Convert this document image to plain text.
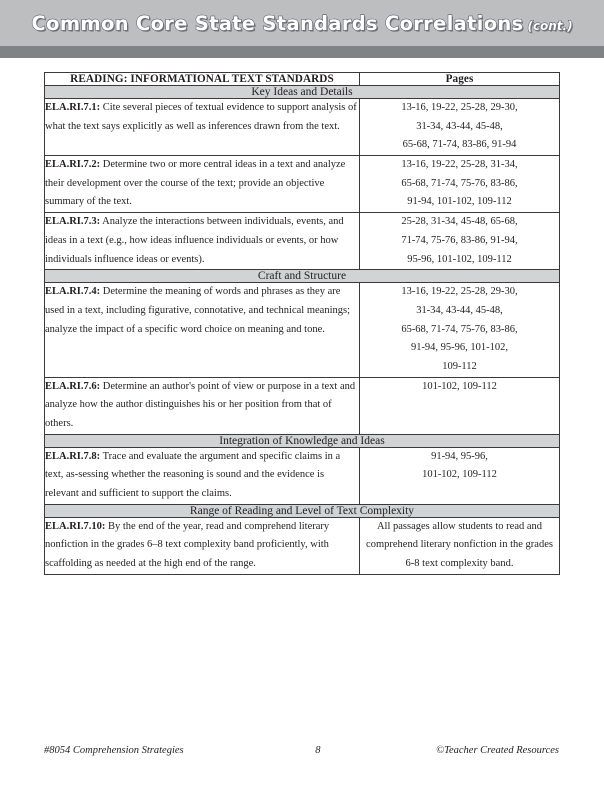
Common Core State Standards Correlations (cont.)
READING: INFORMATIONAL TEXT STANDARDS	Pages
Key Ideas and Details	
ELA.RI.7.1: Cite several pieces of textual evidence to support analysis of what the text says explicitly as well as inferences drawn from the text.	13-16, 19-22, 25-28, 29-30,
31-34, 43-44, 45-48,
65-68, 71-74, 83-86, 91-94

ELA.RI.7.2: Determine two or more central ideas in a text and analyze their development over the course of the text; provide an objective summary of the text.	13-16, 19-22, 25-28, 31-34,
65-68, 71-74, 75-76, 83-86,
91-94, 101-102, 109-112

ELA.RI.7.3: Analyze the interactions between individuals, events, and ideas in a text (e.g., how ideas influence individuals or events, or how individuals influence ideas or events).	25-28, 31-34, 45-48, 65-68,
71-74, 75-76, 83-86, 91-94,
95-96, 101-102, 109-112

Craft and Structure	
ELA.RI.7.4: Determine the meaning of words and phrases as they are used in a text, including figurative, connotative, and technical meanings; analyze the impact of a specific word choice on meaning and tone.	
13-16, 19-22, 25-28, 29-30,
31-34, 43-44, 45-48,
65-68, 71-74, 75-76, 83-86,
91-94, 95-96, 101-102,
109-112

ELA.RI.7.6: Determine an author's point of view or purpose in a text and analyze how the author distinguishes his or her position from that of others.	101-102, 109-112

Integration of Knowledge and Ideas	
ELA.RI.7.8: Trace and evaluate the argument and specific claims in a text, as-sessing whether the reasoning is sound and the evidence is relevant and sufficient to support the claims.	91-94, 95-96,
101-102, 109-112

Range of Reading and Level of Text Complexity	
ELA.RI.7.10: By the end of the year, read and comprehend literary nonfiction in the grades 6–8 text complexity band proficiently, with scaffolding as needed at the high end of the range.	All passages allow students to read and
comprehend literary nonfiction in the grades
6-8 text complexity band.
#8054 Comprehension Strategies	8	©Teacher Created Resources
